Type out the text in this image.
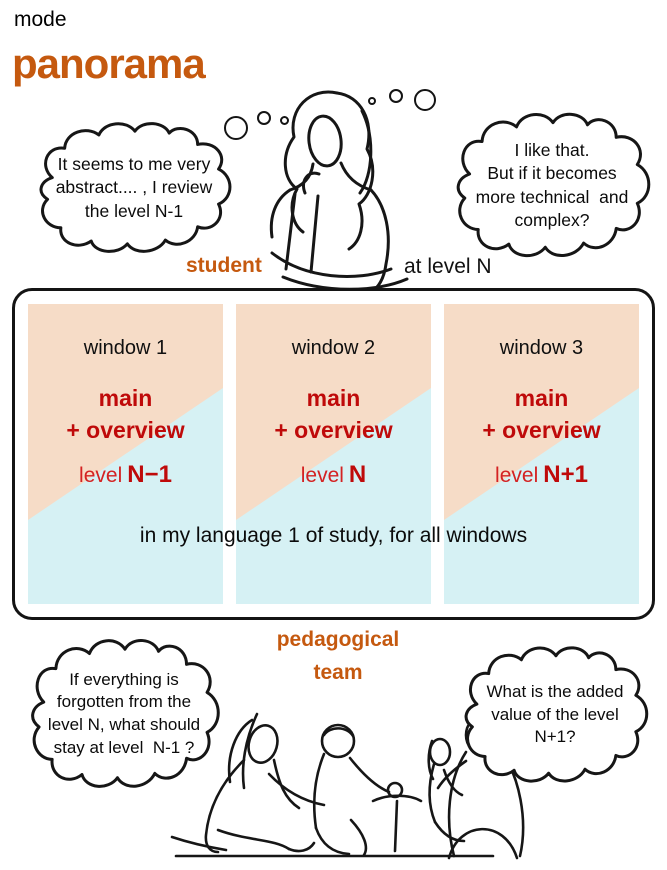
mode
panorama
It seems to me very
abstract.... , I review
the level N-1
I like that.
But if it becomes
more technical  and
complex?
student	at level N
window 1
main
+ overview
level N−1
window 2
main
+ overview
level N
window 3
main
+ overview
level N+1
in my language 1 of study, for all windows
pedagogical
team
If everything is
forgotten from the
level N, what should
stay at level  N-1 ?
What is the added
value of the level
N+1?
